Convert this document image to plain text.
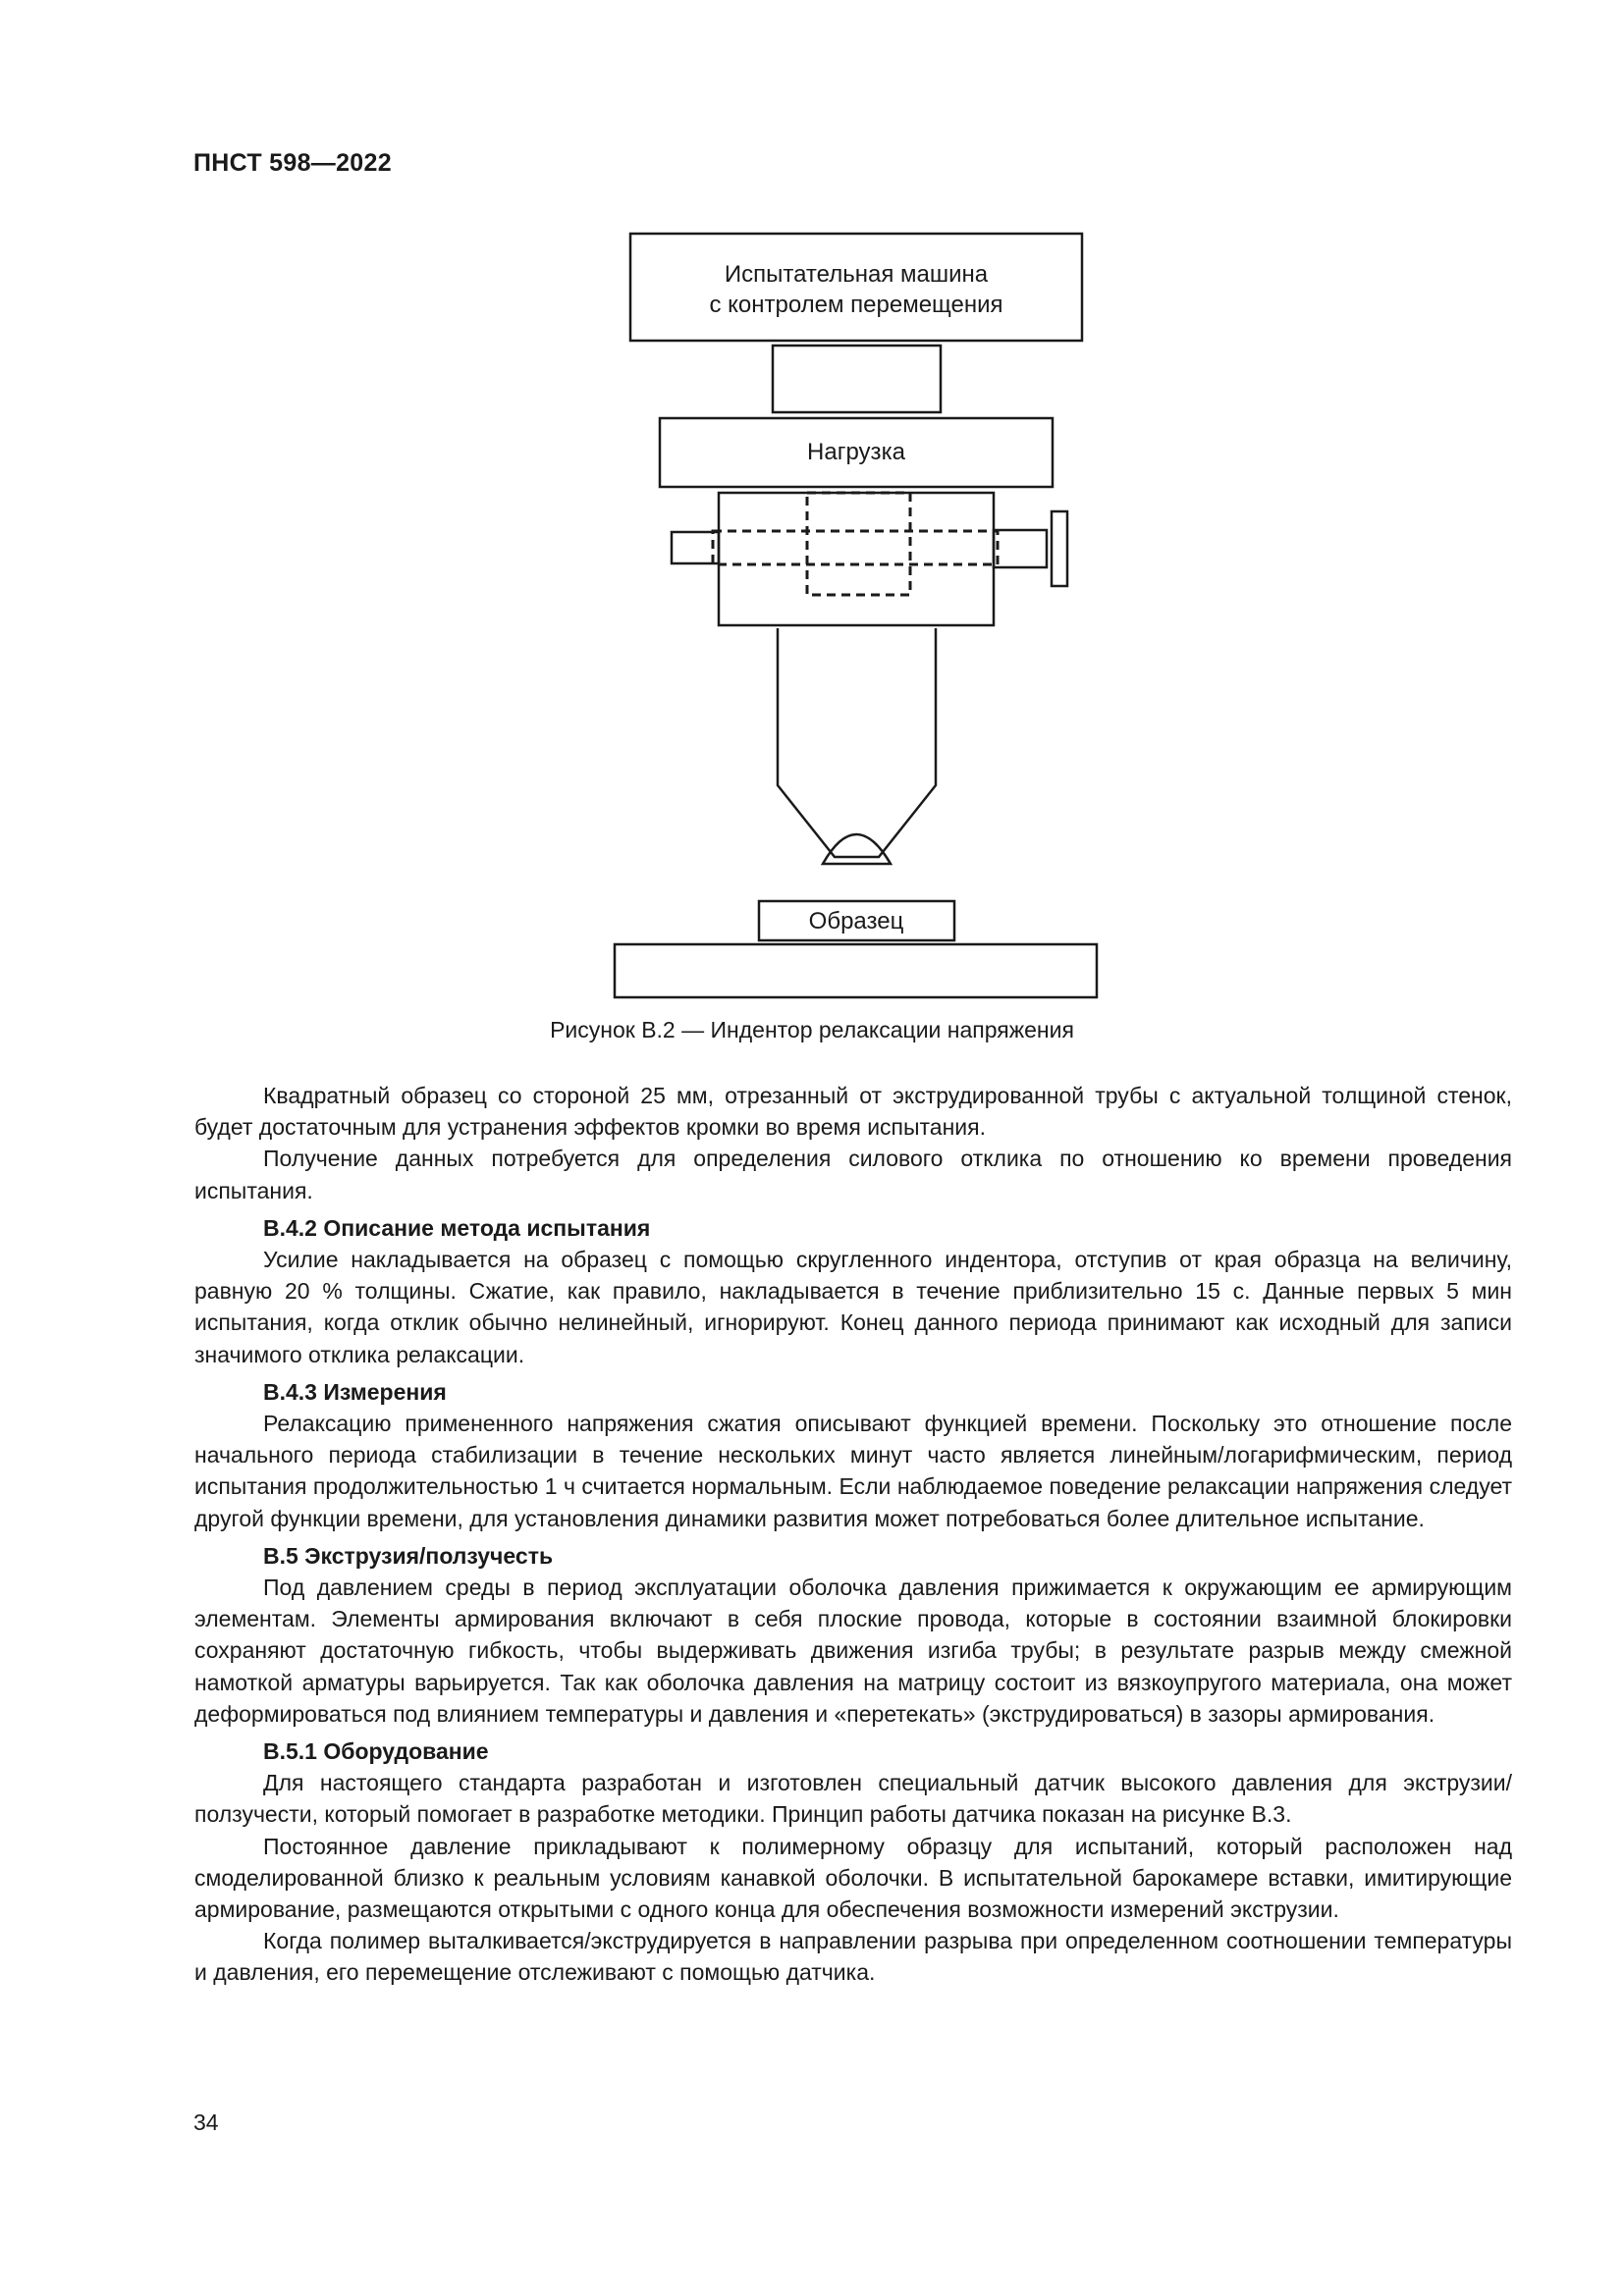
ПНСТ 598—2022
Испытательная машина
с контролем перемещения
Нагрузка
Образец
Рисунок В.2 — Индентор релаксации напряжения

Квадратный образец со стороной 25 мм, отрезанный от экструдированной трубы с актуальной толщиной стенок, будет достаточным для устранения эффектов кромки во время испытания.

Получение данных потребуется для определения силового отклика по отношению ко времени проведения испытания.

В.4.2 Описание метода испытания

Усилие накладывается на образец с помощью скругленного индентора, отступив от края образца на величину, равную 20 % толщины. Сжатие, как правило, накладывается в течение приблизительно 15 с. Данные первых 5 мин испытания, когда отклик обычно нелинейный, игнорируют. Конец данного периода принимают как исходный для записи значимого отклика релаксации.

В.4.3 Измерения

Релаксацию примененного напряжения сжатия описывают функцией времени. Поскольку это отношение после начального периода стабилизации в течение нескольких минут часто является линейным/логарифмическим, период испытания продолжительностью 1 ч считается нормальным. Если наблюдаемое поведение релаксации напряжения следует другой функции времени, для установления динамики развития может потребоваться более длительное испытание.

В.5 Экструзия/ползучесть

Под давлением среды в период эксплуатации оболочка давления прижимается к окружающим ее армирующим элементам. Элементы армирования включают в себя плоские провода, которые в состоянии взаимной блокировки сохраняют достаточную гибкость, чтобы выдерживать движения изгиба трубы; в результате разрыв между смежной намоткой арматуры варьируется. Так как оболочка давления на матрицу состоит из вязкоупругого материала, она может деформироваться под влиянием температуры и давления и «перетекать» (экструдироваться) в зазоры армирования.

В.5.1 Оборудование

Для настоящего стандарта разработан и изготовлен специальный датчик высокого давления для экструзии/ползучести, который помогает в разработке методики. Принцип работы датчика показан на рисунке В.3.

Постоянное давление прикладывают к полимерному образцу для испытаний, который расположен над смоделированной близко к реальным условиям канавкой оболочки. В испытательной барокамере вставки, имитирующие армирование, размещаются открытыми с одного конца для обеспечения возможности измерений экструзии.

Когда полимер выталкивается/экструдируется в направлении разрыва при определенном соотношении температуры и давления, его перемещение отслеживают с помощью датчика.

34
